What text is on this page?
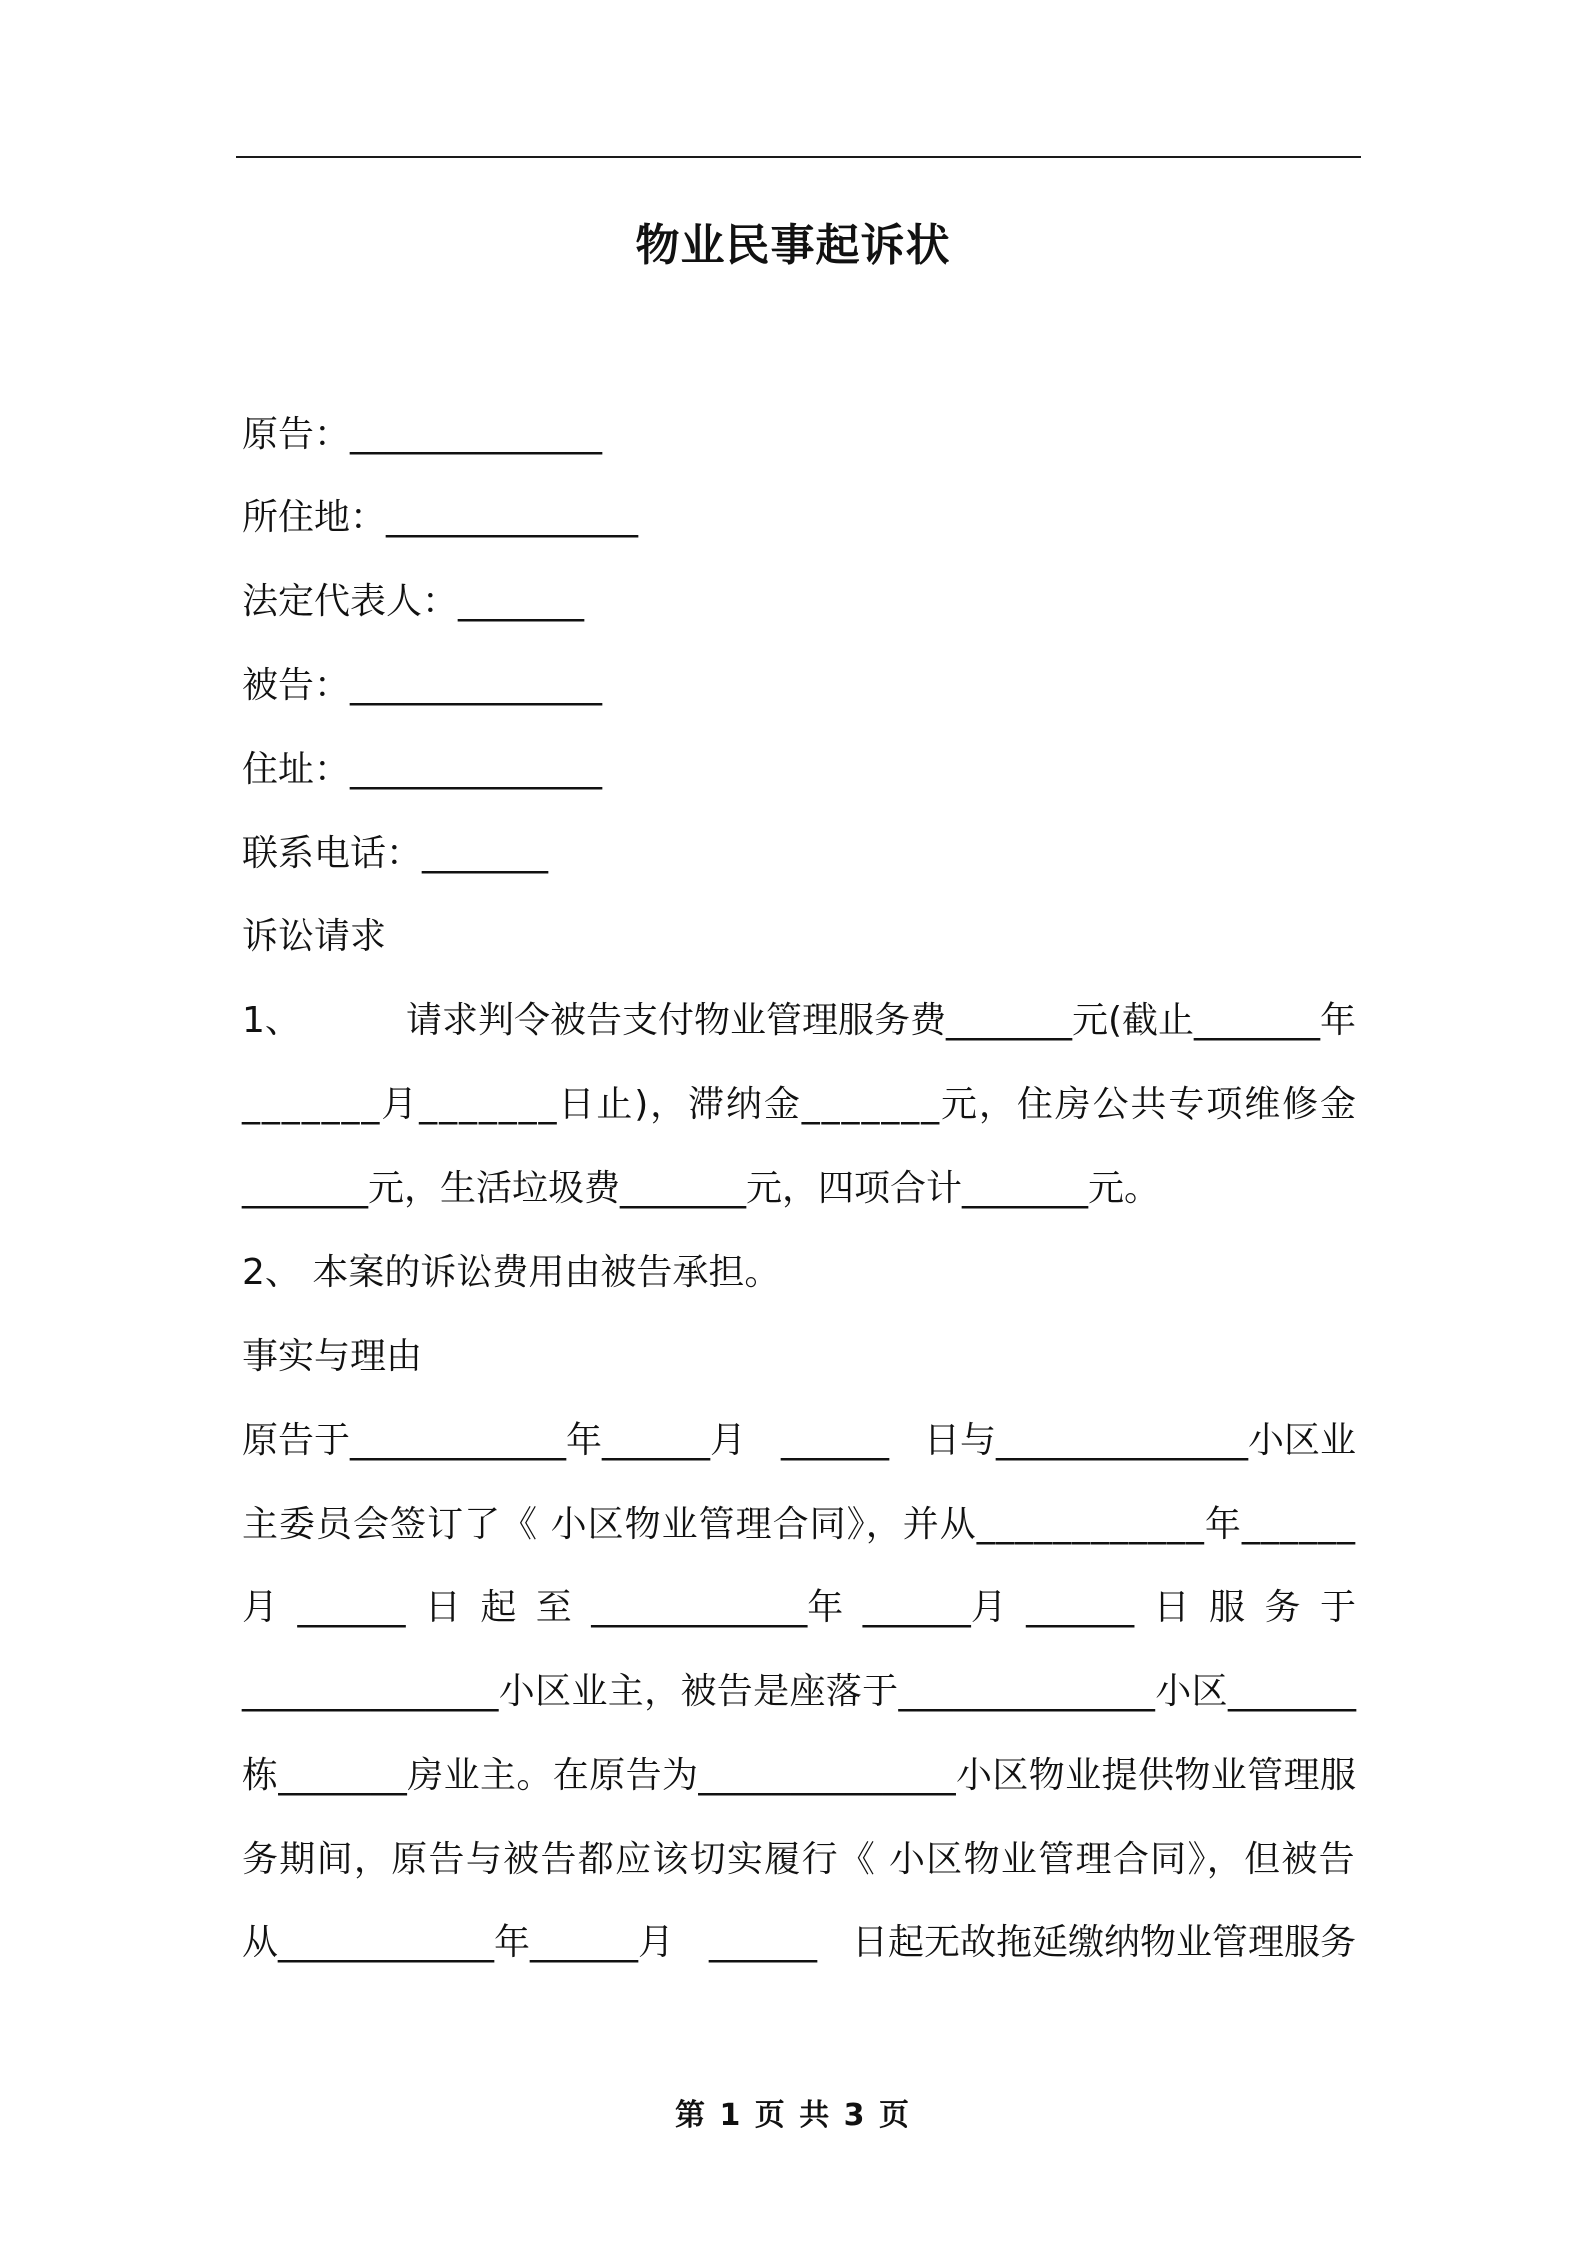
物业民事起诉状
原告：______________
所住地：______________
法定代表人：_______
被告：______________
住址：______________
联系电话：_______
诉讼请求
1、	请求判令被告支付物业管理服务费_______元(截止_______年
_______月_______日止)，滞纳金_______元，住房公共专项维修金
_______元，生活垃圾费_______元，四项合计_______元。
2、 本案的诉讼费用由被告承担。
事实与理由
原告于____________年______月 ______ 日与______________小区业
主委员会签订了《 小区物业管理合同》，并从____________年______
月 ______ 日 起 至 ____________年 ______月 ______ 日 服 务 于
______________小区业主，被告是座落于______________小区_______
栋_______房业主。在原告为______________小区物业提供物业管理服
务期间，原告与被告都应该切实履行《 小区物业管理合同》，但被告
从____________年______月 ______ 日起无故拖延缴纳物业管理服务
第 1 页 共 3 页
